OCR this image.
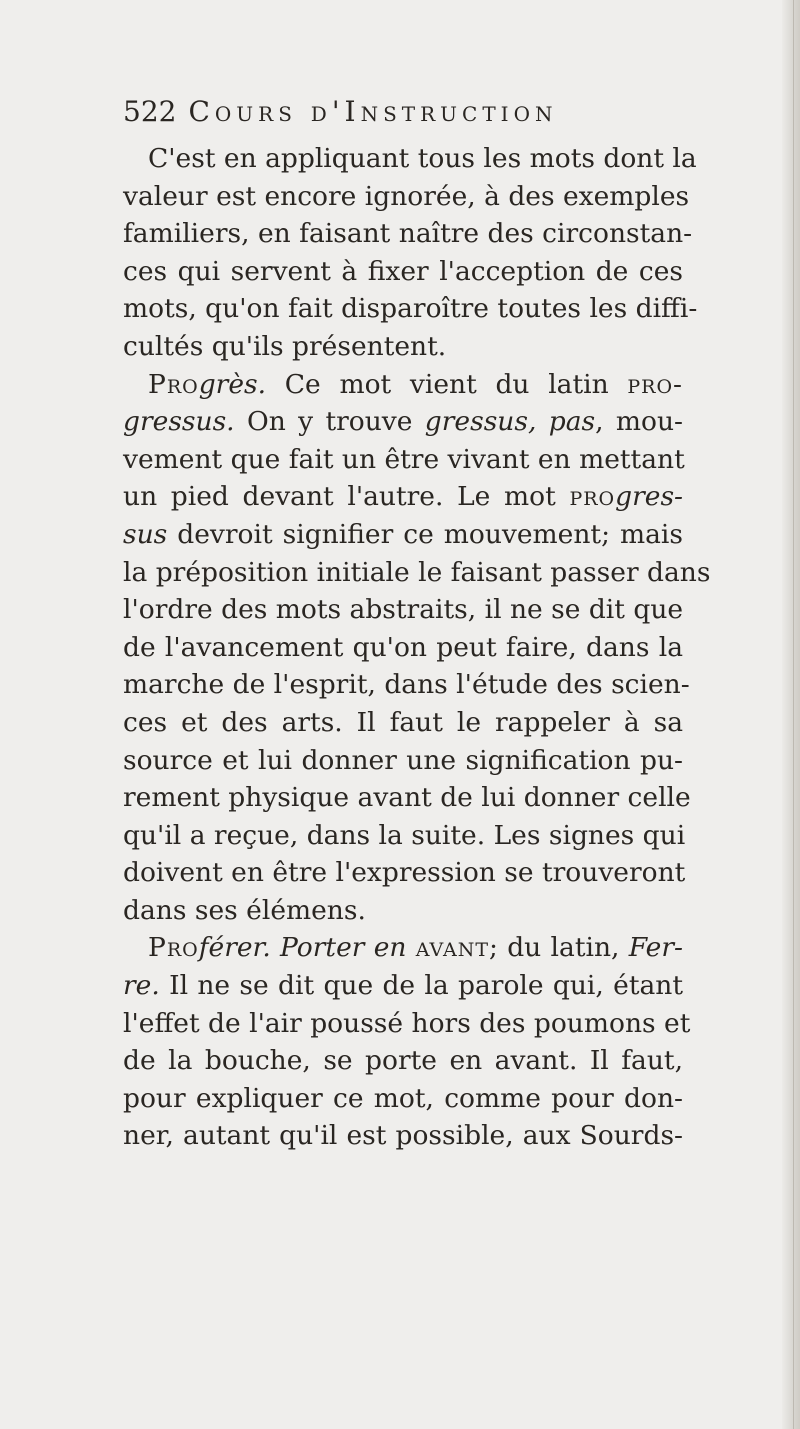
522 Cours d'Instruction
C'est en appliquant tous les mots dont la
valeur est encore ignorée, à des exemples
familiers, en faisant naître des circonstan-
ces qui servent à fixer l'acception de ces
mots, qu'on fait disparoître toutes les diffi-
cultés qu'ils présentent.
Progrès. Ce mot vient du latin pro-
gressus. On y trouve gressus, pas, mou-
vement que fait un être vivant en mettant
un pied devant l'autre. Le mot progres-
sus devroit signifier ce mouvement; mais
la préposition initiale le faisant passer dans
l'ordre des mots abstraits, il ne se dit que
de l'avancement qu'on peut faire, dans la
marche de l'esprit, dans l'étude des scien-
ces et des arts. Il faut le rappeler à sa
source et lui donner une signification pu-
rement physique avant de lui donner celle
qu'il a reçue, dans la suite. Les signes qui
doivent en être l'expression se trouveront
dans ses élémens.
Proférer. Porter en avant; du latin, Fer-
re. Il ne se dit que de la parole qui, étant
l'effet de l'air poussé hors des poumons et
de la bouche, se porte en avant. Il faut,
pour expliquer ce mot, comme pour don-
ner, autant qu'il est possible, aux Sourds-
